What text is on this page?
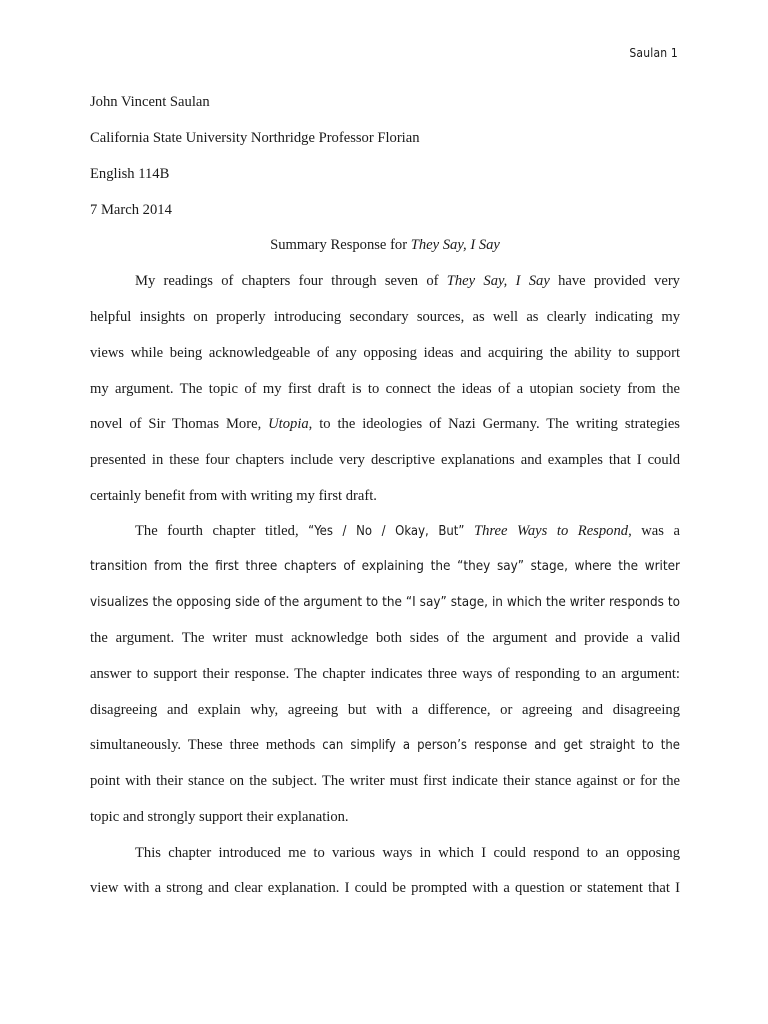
Saulan 1
John Vincent Saulan
California State University Northridge Professor Florian
English 114B
7 March 2014
Summary Response for They Say, I Say
My readings of chapters four through seven of They Say, I Say have provided very
helpful insights on properly introducing secondary sources, as well as clearly indicating my
views while being acknowledgeable of any opposing ideas and acquiring the ability to support
my argument. The topic of my first draft is to connect the ideas of a utopian society from the
novel of Sir Thomas More, Utopia, to the ideologies of Nazi Germany. The writing strategies
presented in these four chapters include very descriptive explanations and examples that I could
certainly benefit from with writing my first draft.
The fourth chapter titled, “Yes / No / Okay, But” Three Ways to Respond, was a
transition from the first three chapters of explaining the “they say” stage, where the writer
visualizes the opposing side of the argument to the “I say” stage, in which the writer responds to
the argument. The writer must acknowledge both sides of the argument and provide a valid
answer to support their response. The chapter indicates three ways of responding to an argument:
disagreeing and explain why, agreeing but with a difference, or agreeing and disagreeing
simultaneously. These three methods can simplify a person’s response and get straight to the
point with their stance on the subject. The writer must first indicate their stance against or for the
topic and strongly support their explanation.
This chapter introduced me to various ways in which I could respond to an opposing
view with a strong and clear explanation. I could be prompted with a question or statement that I
